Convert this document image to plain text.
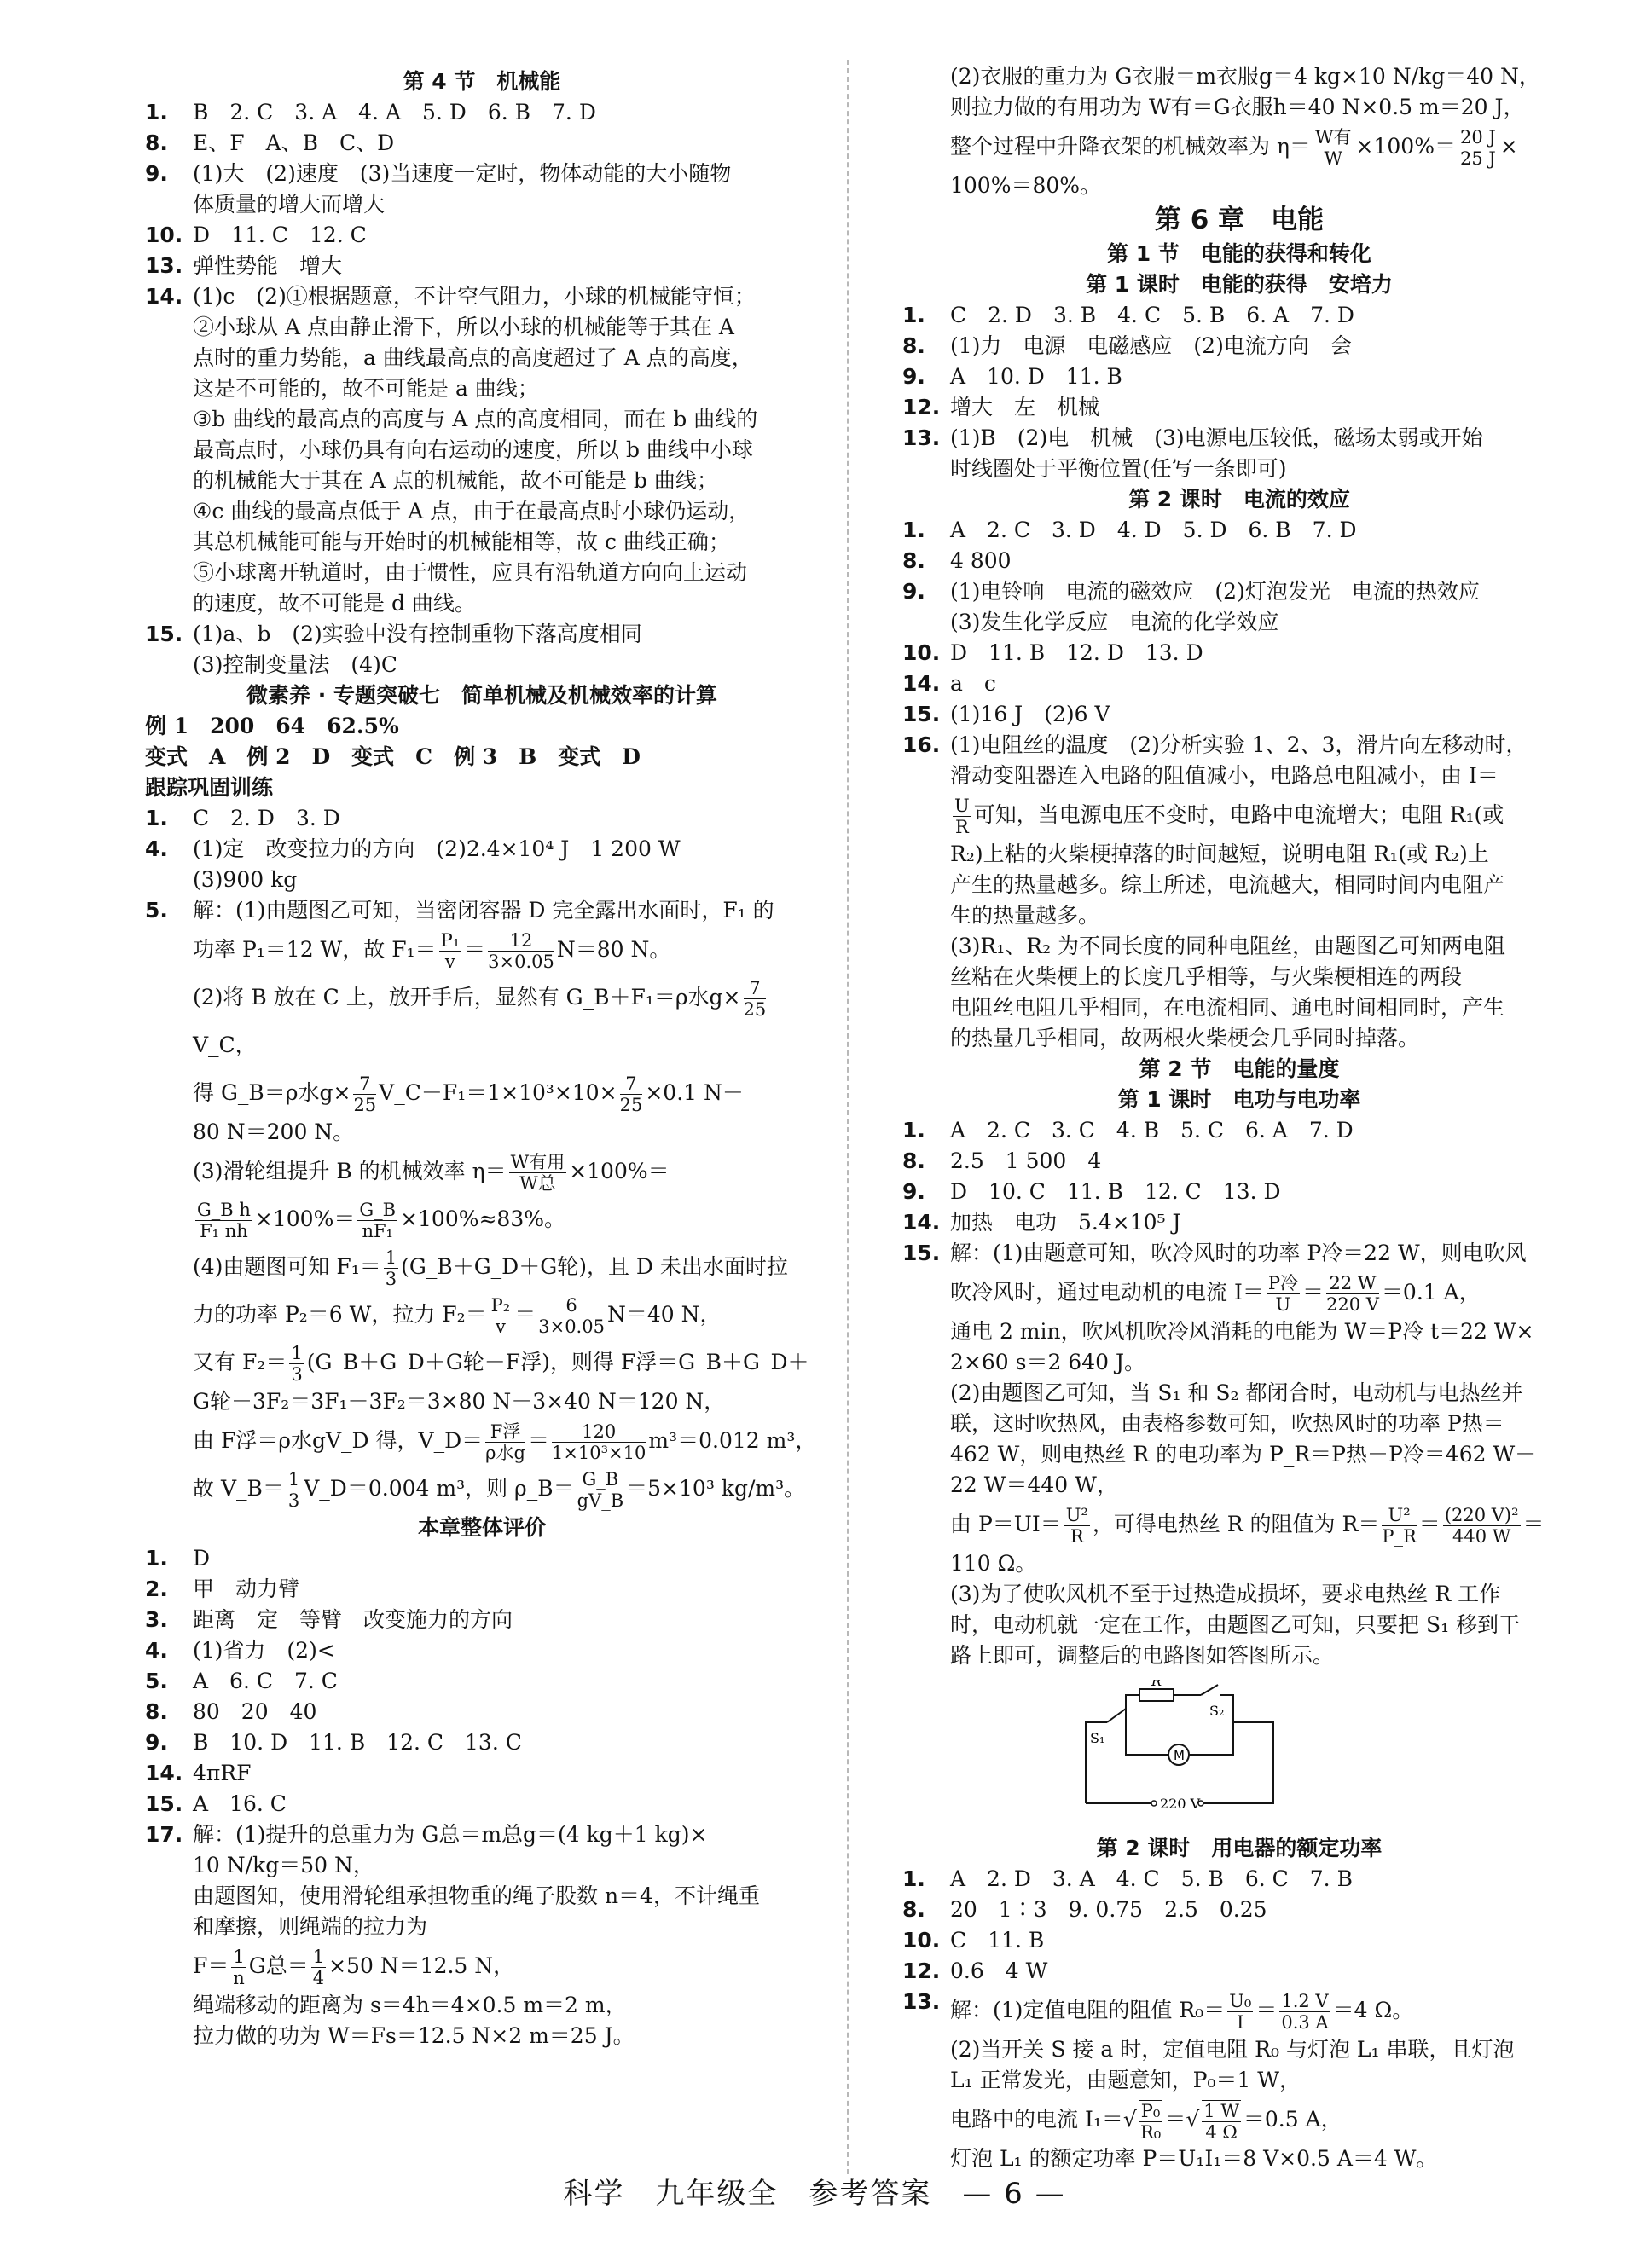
第 4 节　机械能
1.	B　2. C　3. A　4. A　5. D　6. B　7. D
8.	E、F　A、B　C、D
9.	(1)大　(2)速度　(3)当速度一定时，物体动能的大小随物
体质量的增大而增大
10. D　11. C　12. C
13. 弹性势能　增大
14. (1)c　(2)①根据题意，不计空气阻力，小球的机械能守恒；
②小球从 A 点由静止滑下，所以小球的机械能等于其在 A
点时的重力势能，a 曲线最高点的高度超过了 A 点的高度，
这是不可能的，故不可能是 a 曲线；
③b 曲线的最高点的高度与 A 点的高度相同，而在 b 曲线的
最高点时，小球仍具有向右运动的速度，所以 b 曲线中小球
的机械能大于其在 A 点的机械能，故不可能是 b 曲线；
④c 曲线的最高点低于 A 点，由于在最高点时小球仍运动，
其总机械能可能与开始时的机械能相等，故 c 曲线正确；
⑤小球离开轨道时，由于惯性，应具有沿轨道方向向上运动
的速度，故不可能是 d 曲线。
15. (1)a、b　(2)实验中没有控制重物下落高度相同
(3)控制变量法　(4)C
微素养 · 专题突破七　简单机械及机械效率的计算
例 1　200　64　62.5%
变式　A　例 2　D　变式　C　例 3　B　变式　D
跟踪巩固训练
1.	C　2. D　3. D
4.	(1)定　改变拉力的方向　(2)2.4×10⁴ J　1 200 W
(3)900 kg
5.	解：(1)由题图乙可知，当密闭容器 D 完全露出水面时，F₁ 的
功率 P₁＝12 W，故 $F_1= \frac{\text{P₁}}{v} = \frac{12}{3\times 0.05} N=80$ N。
(2)将 B 放在 C 上，放开手后，显然有 G_B＋F₁＝ρ水$g\times \frac{7}{25}$
V_C，
得 G_B＝ρ水$g\times \frac{7}{25}$ V_C－F₁＝1×10³×10× $\frac{7}{25} \times 0.1$ N－
80 N＝200 N。
(3)滑轮组提升 B 的机械效率 η＝ W有用
W总 ×100%＝
$\frac{\text{G\_B h}}{\text{F₁ nh}} \times 100\%= \frac{G\_B}{\text{nF₁}} \times 100\%\approx 83\%$。
(4)由题图可知 $F_1= \frac{1}{3}$ (G_B＋G_D＋G轮)，且 D 未出水面时拉
力的功率 P₂＝6 W，拉力 $F_2= \frac{\text{P₂}}{v} = \frac{6}{3\times 0.05} N=40$ N，
又有 $F_2= \frac{1}{3}$ (G_B＋G_D＋G轮－F浮)，则得 F浮＝G_B＋G_D＋
G轮－3F₂＝3F₁－3F₂＝3×80 N－3×40 N＝120 N，
由 F浮＝ρ水gV_D 得，V_D＝ F浮
ρ水$g = \frac{120}{\text{1×10³×10}} m^3=0.012$ m³，
故 V_B＝ $\frac{1}{3}$ V_D＝0.004 m³，则 ρ_B＝ $\frac{G\_B}{gV\_B} =5\times 10^3$ kg/m³。
本章整体评价
1.	D
2.	甲　动力臂
3.	距离　定　等臂　改变施力的方向
4.	(1)省力　(2)<
5.	A　6. C　7. C
8.	80　20　40
9.	B　10. D　11. B　12. C　13. C
14. 4πRF
15. A　16. C
17. 解：(1)提升的总重力为 G总＝m总g＝(4 kg＋1 kg)×
10 N/kg＝50 N，
由题图知，使用滑轮组承担物重的绳子股数 n＝4，不计绳重
和摩擦，则绳端的拉力为
$F= \frac{1}{n}$ G总＝ $\frac{1}{4} \times 50$ N＝12.5 N，
绳端移动的距离为 s＝4h＝4×0.5 m＝2 m，
拉力做的功为 W＝Fs＝12.5 N×2 m＝25 J。
(2)衣服的重力为 G衣服＝m衣服g＝4 kg×10 N/kg＝40 N，
则拉力做的有用功为 W有＝G衣服h＝40 N×0.5 m＝20 J，
整个过程中升降衣架的机械效率为 η＝ W有
$W \times 100\%= \frac{20 J}{25 J}$ ×
100%＝80%。
第 6 章　电能
第 1 节　电能的获得和转化
第 1 课时　电能的获得　安培力
1.	C　2. D　3. B　4. C　5. B　6. A　7. D
8.	(1)力　电源　电磁感应　(2)电流方向　会
9.	A　10. D　11. B
12. 增大　左　机械
13. (1)B　(2)电　机械　(3)电源电压较低，磁场太弱或开始
时线圈处于平衡位置(任写一条即可)
第 2 课时　电流的效应
1.	A　2. C　3. D　4. D　5. D　6. B　7. D
8.	4 800
9.	(1)电铃响　电流的磁效应　(2)灯泡发光　电流的热效应
(3)发生化学反应　电流的化学效应
10. D　11. B　12. D　13. D
14. a　c
15. (1)16 J　(2)6 V
16. (1)电阻丝的温度　(2)分析实验 1、2、3，滑片向左移动时，
滑动变阻器连入电路的阻值减小，电路总电阻减小，由 I＝
$\frac{U}{R}$ 可知，当电源电压不变时，电路中电流增大；电阻 R₁(或
R₂)上粘的火柴梗掉落的时间越短，说明电阻 R₁(或 R₂)上
产生的热量越多。综上所述，电流越大，相同时间内电阻产
生的热量越多。
(3)R₁、R₂ 为不同长度的同种电阻丝，由题图乙可知两电阻
丝粘在火柴梗上的长度几乎相等，与火柴梗相连的两段
电阻丝电阻几乎相同，在电流相同、通电时间相同时，产生
的热量几乎相同，故两根火柴梗会几乎同时掉落。
第 2 节　电能的量度
第 1 课时　电功与电功率
1.	A　2. C　3. C　4. B　5. C　6. A　7. D
8.	2.5　1 500　4
9.	D　10. C　11. B　12. C　13. D
14. 加热　电功　5.4×10⁵ J
15. 解：(1)由题意可知，吹冷风时的功率 P冷＝22 W，则电吹风
吹冷风时，通过电动机的电流 I＝ P冷
$U = \frac{22 W}{220 V} =0.1$ A，
通电 2 min，吹风机吹冷风消耗的电能为 W＝P冷 t＝22 W×
2×60 s＝2 640 J。
(2)由题图乙可知，当 S₁ 和 S₂ 都闭合时，电动机与电热丝并
联，这时吹热风，由表格参数可知，吹热风时的功率 P热＝
462 W，则电热丝 R 的电功率为 P_R＝P热－P冷＝462 W－
22 W＝440 W，
由 $P=UI= \frac{\text{U²}}{R}$ ，可得电热丝 R 的阻值为 $R= \frac{\text{U²}}{P\_R} = \frac{\text{(220 V)²}}{440 W}$ ＝
110 Ω。
(3)为了使吹风机不至于过热造成损坏，要求电热丝 R 工作
时，电动机就一定在工作，由题图乙可知，只要把 S₁ 移到干
路上即可，调整后的电路图如答图所示。
R
S₁
S₂
M
220 V
第 2 课时　用电器的额定功率
1.	A　2. D　3. A　4. C　5. B　6. C　7. B
8.	20　1∶3　9. 0.75　2.5　0.25
10. C　11. B
12. 0.6　4 W
13. 解：(1)定值电阻的阻值 $R_0= \frac{\text{U₀}}{I} = \frac{1.2 V}{0.3 A} =4$ Ω。
(2)当开关 S 接 a 时，定值电阻 R₀ 与灯泡 L₁ 串联，且灯泡
L₁ 正常发光，由题意知，P₀＝1 W，
电路中的电流 $I_1=√ \frac{\text{P₀}}{\text{R₀}}$ ＝√ $\frac{1 W}{4 \Omega} =0.5$ A，
灯泡 L₁ 的额定功率 P＝U₁I₁＝8 V×0.5 A＝4 W。
科学　九年级全　参考答案　— 6 —
